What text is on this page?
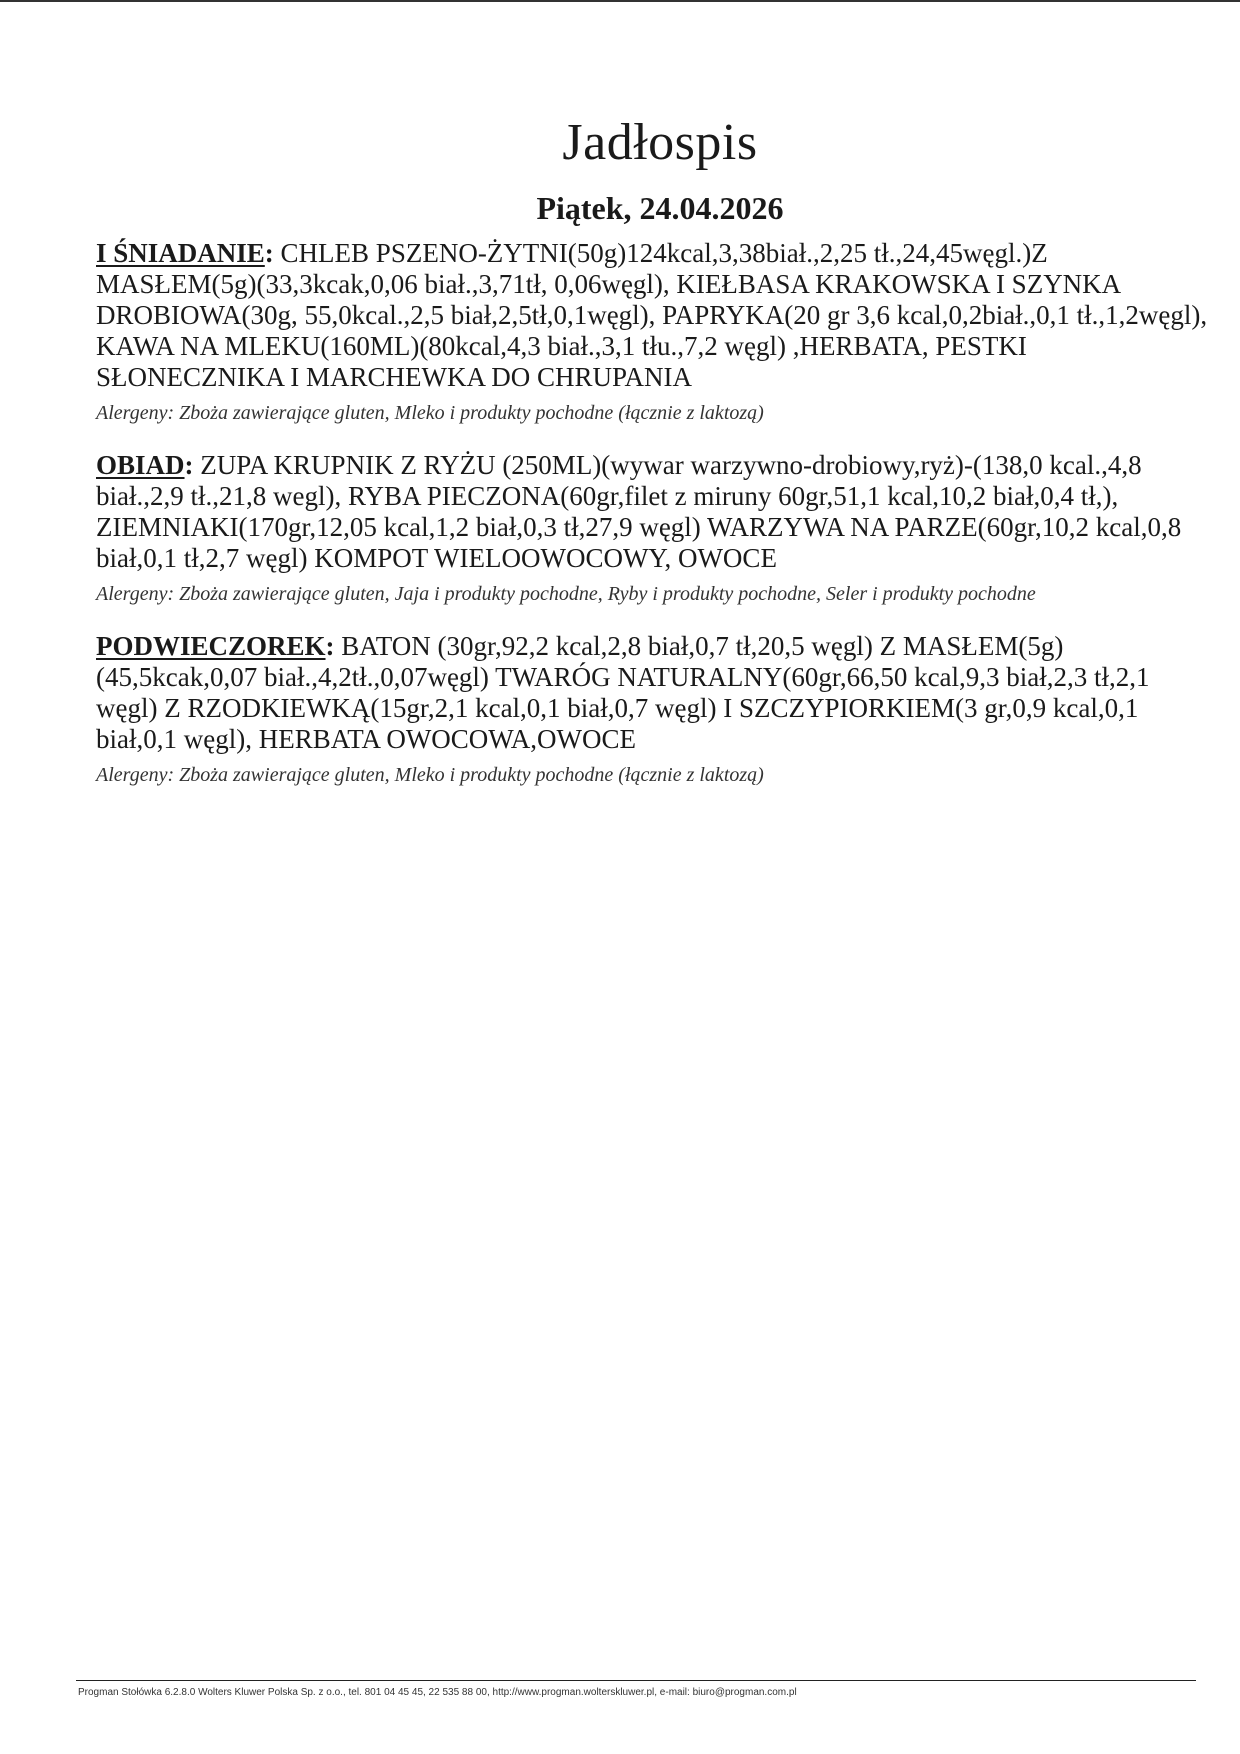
Jadłospis
Piątek, 24.04.2026

I ŚNIADANIE: CHLEB PSZENO-ŻYTNI(50g)124kcal,3,38biał.,2,25 tł.,24,45węgl.)Z MASŁEM(5g)(33,3kcak,0,06 biał.,3,71tł, 0,06węgl), KIEŁBASA KRAKOWSKA I SZYNKA DROBIOWA(30g, 55,0kcal.,2,5 biał,2,5tł,0,1węgl), PAPRYKA(20 gr 3,6 kcal,0,2biał.,0,1 tł.,1,2węgl), KAWA NA MLEKU(160ML)(80kcal,4,3 biał.,3,1 tłu.,7,2 węgl) ,HERBATA, PESTKI SŁONECZNIKA I MARCHEWKA DO CHRUPANIA

Alergeny: Zboża zawierające gluten, Mleko i produkty pochodne (łącznie z laktozą)

OBIAD: ZUPA KRUPNIK Z RYŻU (250ML)(wywar warzywno-drobiowy,ryż)-(138,0 kcal.,4,8 biał.,2,9 tł.,21,8 wegl), RYBA PIECZONA(60gr,filet z miruny 60gr,51,1 kcal,10,2 biał,0,4 tł,), ZIEMNIAKI(170gr,12,05 kcal,1,2 biał,0,3 tł,27,9 węgl) WARZYWA NA PARZE(60gr,10,2 kcal,0,8 biał,0,1 tł,2,7 węgl) KOMPOT WIELOOWOCOWY, OWOCE

Alergeny: Zboża zawierające gluten, Jaja i produkty pochodne, Ryby i produkty pochodne, Seler i produkty pochodne

PODWIECZOREK: BATON (30gr,92,2 kcal,2,8 biał,0,7 tł,20,5 węgl) Z MASŁEM(5g)(45,5kcak,0,07 biał.,4,2tł.,0,07węgl) TWARÓG NATURALNY(60gr,66,50 kcal,9,3 biał,2,3 tł,2,1 węgl) Z RZODKIEWKĄ(15gr,2,1 kcal,0,1 biał,0,7 węgl) I SZCZYPIORKIEM(3 gr,0,9 kcal,0,1 biał,0,1 węgl), HERBATA OWOCOWA,OWOCE

Alergeny: Zboża zawierające gluten, Mleko i produkty pochodne (łącznie z laktozą)

Progman Stołówka 6.2.8.0 Wolters Kluwer Polska Sp. z o.o., tel. 801 04 45 45, 22 535 88 00, http://www.progman.wolterskluwer.pl, e-mail: biuro@progman.com.pl
